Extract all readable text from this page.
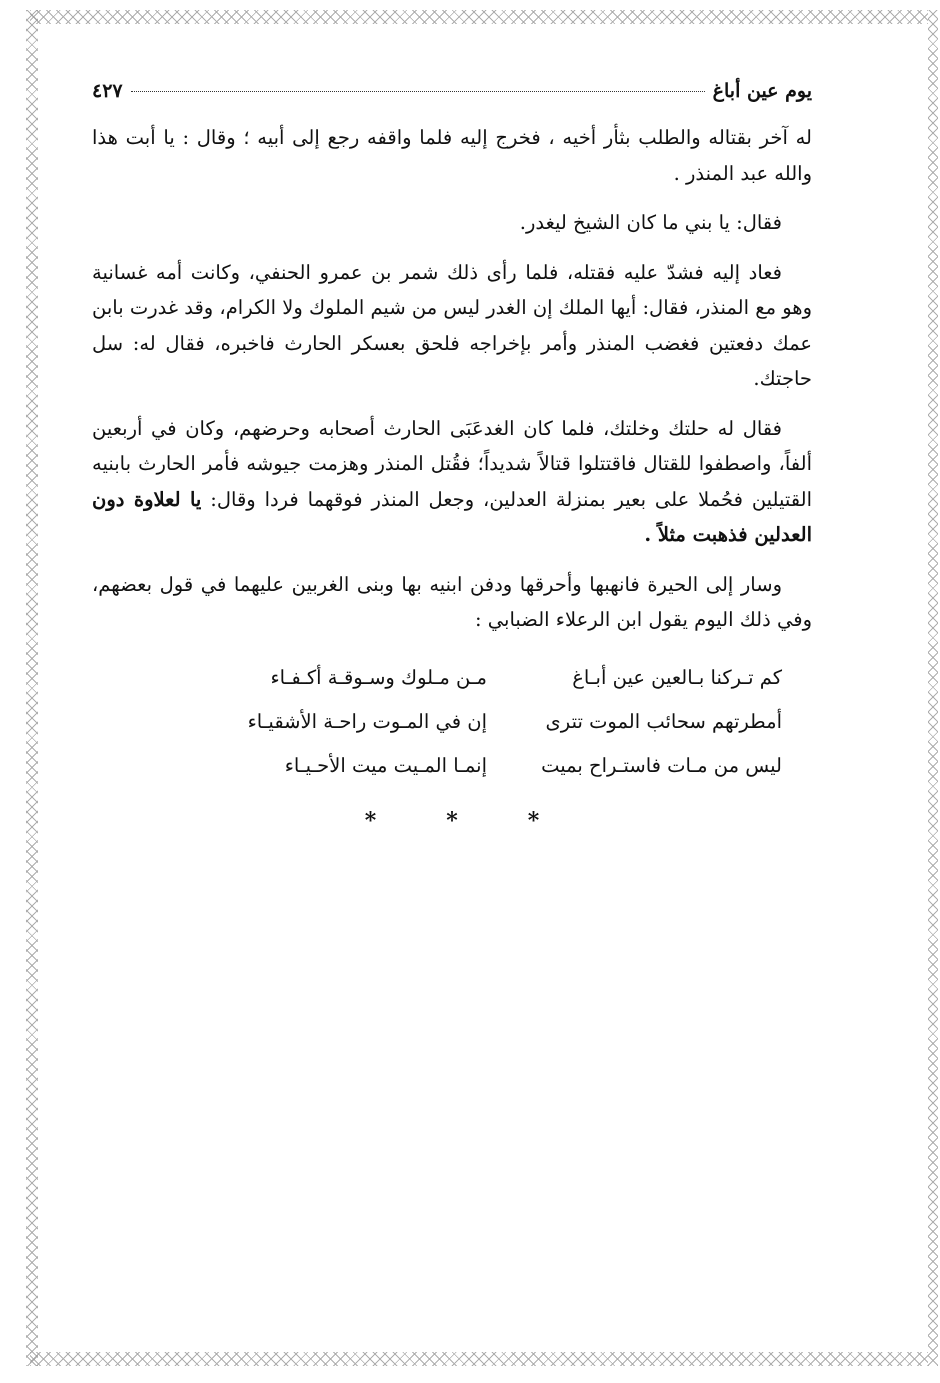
يوم عين أباغ
٤٢٧

له آخر بقتاله والطلب بثأر أخيه ، فخرج إليه فلما واقفه رجع إلى أبيه ؛ وقال : يا أبت هذا والله عبد المنذر .

فقال: يا بني ما كان الشيخ ليغدر.

فعاد إليه فشدّ عليه فقتله، فلما رأى ذلك شمر بن عمرو الحنفي، وكانت أمه غسانية وهو مع المنذر، فقال: أيها الملك إن الغدر ليس من شيم الملوك ولا الكرام، وقد غدرت بابن عمك دفعتين فغضب المنذر وأمر بإخراجه فلحق بعسكر الحارث فاخبره، فقال له: سل حاجتك.

فقال له حلتك وخلتك، فلما كان الغدعَبَى الحارث أصحابه وحرضهم، وكان في أربعين ألفاً، واصطفوا للقتال فاقتتلوا قتالاً شديداً؛ فقُتل المنذر وهزمت جيوشه فأمر الحارث بابنيه القتيلين فحُملا على بعير بمنزلة العدلين، وجعل المنذر فوقهما فردا وقال: يا لعلاوة دون العدلين فذهبت مثلاً .

وسار إلى الحيرة فانهبها وأحرقها ودفن ابنيه بها وبنى الغربين عليهما في قول بعضهم، وفي ذلك اليوم يقول ابن الرعلاء الضبابي :

كم تـركنا بـالعين عين أبـاغ
مـن مـلوك وسـوقـة أكـفـاء
أمطرتهم سحائب الموت تترى
إن في المـوت راحـة الأشقيـاء
ليس من مـات فاستـراح بميت
إنمـا المـيت ميت الأحـيـاء
*	*	*
